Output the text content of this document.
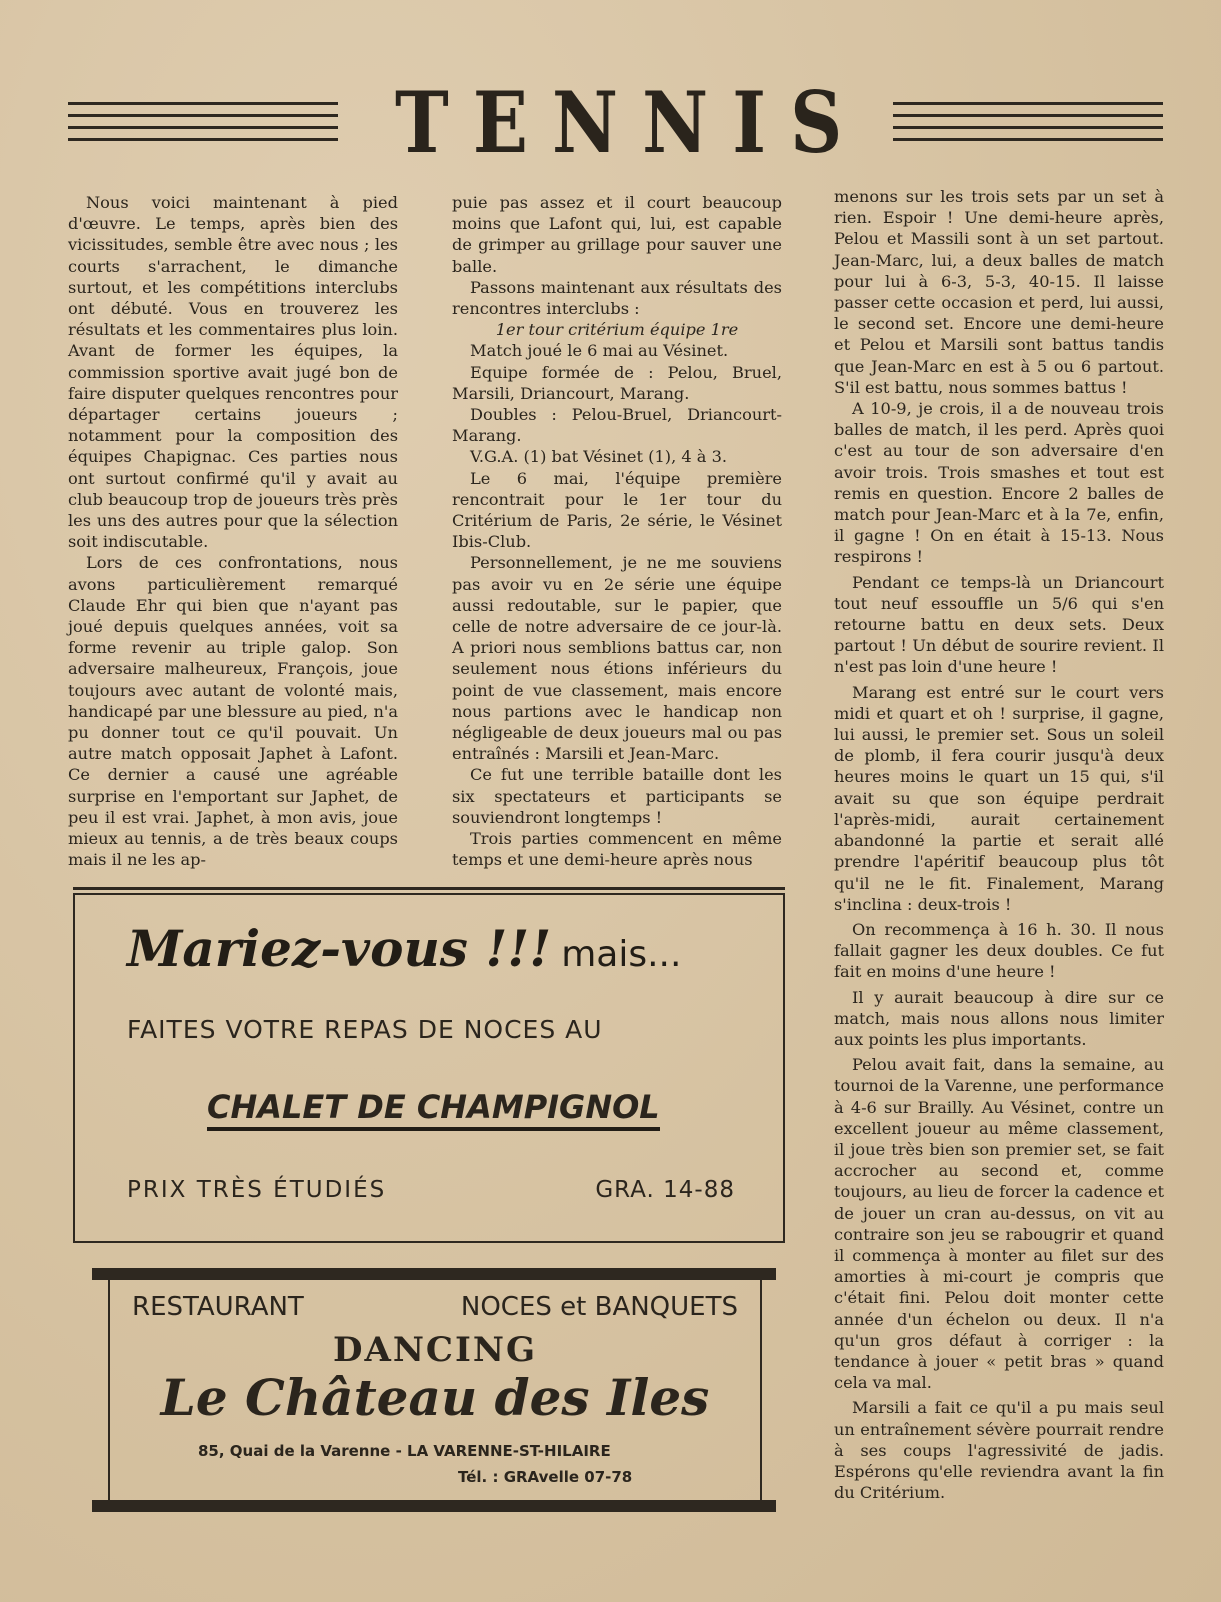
TENNIS

Nous voici maintenant à pied d'œuvre. Le temps, après bien des vicissitudes, semble être avec nous ; les courts s'arrachent, le dimanche surtout, et les compétitions interclubs ont débuté. Vous en trouverez les résultats et les commentaires plus loin. Avant de former les équipes, la commission sportive avait jugé bon de faire disputer quelques rencontres pour départager certains joueurs ; notamment pour la composition des équipes Chapignac. Ces parties nous ont surtout confirmé qu'il y avait au club beaucoup trop de joueurs très près les uns des autres pour que la sélection soit indiscutable.

Lors de ces confrontations, nous avons particulièrement remarqué Claude Ehr qui bien que n'ayant pas joué depuis quelques années, voit sa forme revenir au triple galop. Son adversaire malheureux, François, joue toujours avec autant de volonté mais, handicapé par une blessure au pied, n'a pu donner tout ce qu'il pouvait. Un autre match opposait Japhet à Lafont. Ce dernier a causé une agréable surprise en l'emportant sur Japhet, de peu il est vrai. Japhet, à mon avis, joue mieux au tennis, a de très beaux coups mais il ne les ap-

puie pas assez et il court beaucoup moins que Lafont qui, lui, est capable de grimper au grillage pour sauver une balle.

Passons maintenant aux résultats des rencontres interclubs :

1er tour critérium équipe 1re

Match joué le 6 mai au Vésinet.

Equipe formée de : Pelou, Bruel, Marsili, Driancourt, Marang.

Doubles : Pelou-Bruel, Driancourt-Marang.

V.G.A. (1) bat Vésinet (1), 4 à 3.

Le 6 mai, l'équipe première rencontrait pour le 1er tour du Critérium de Paris, 2e série, le Vésinet Ibis-Club.

Personnellement, je ne me souviens pas avoir vu en 2e série une équipe aussi redoutable, sur le papier, que celle de notre adversaire de ce jour-là. A priori nous semblions battus car, non seulement nous étions inférieurs du point de vue classement, mais encore nous partions avec le handicap non négligeable de deux joueurs mal ou pas entraînés : Marsili et Jean-Marc.

Ce fut une terrible bataille dont les six spectateurs et participants se souviendront longtemps !

Trois parties commencent en même temps et une demi-heure après nous

menons sur les trois sets par un set à rien. Espoir ! Une demi-heure après, Pelou et Massili sont à un set partout. Jean-Marc, lui, a deux balles de match pour lui à 6-3, 5-3, 40-15. Il laisse passer cette occasion et perd, lui aussi, le second set. Encore une demi-heure et Pelou et Marsili sont battus tandis que Jean-Marc en est à 5 ou 6 partout. S'il est battu, nous sommes battus !

A 10-9, je crois, il a de nouveau trois balles de match, il les perd. Après quoi c'est au tour de son adversaire d'en avoir trois. Trois smashes et tout est remis en question. Encore 2 balles de match pour Jean-Marc et à la 7e, enfin, il gagne ! On en était à 15-13. Nous respirons !

Pendant ce temps-là un Driancourt tout neuf essouffle un 5/6 qui s'en retourne battu en deux sets. Deux partout ! Un début de sourire revient. Il n'est pas loin d'une heure !

Marang est entré sur le court vers midi et quart et oh ! surprise, il gagne, lui aussi, le premier set. Sous un soleil de plomb, il fera courir jusqu'à deux heures moins le quart un 15 qui, s'il avait su que son équipe perdrait l'après-midi, aurait certainement abandonné la partie et serait allé prendre l'apéritif beaucoup plus tôt qu'il ne le fit. Finalement, Marang s'inclina : deux-trois !

On recommença à 16 h. 30. Il nous fallait gagner les deux doubles. Ce fut fait en moins d'une heure !

Il y aurait beaucoup à dire sur ce match, mais nous allons nous limiter aux points les plus importants.

Pelou avait fait, dans la semaine, au tournoi de la Varenne, une performance à 4-6 sur Brailly. Au Vésinet, contre un excellent joueur au même classement, il joue très bien son premier set, se fait accrocher au second et, comme toujours, au lieu de forcer la cadence et de jouer un cran au-dessus, on vit au contraire son jeu se rabougrir et quand il commença à monter au filet sur des amorties à mi-court je compris que c'était fini. Pelou doit monter cette année d'un échelon ou deux. Il n'a qu'un gros défaut à corriger : la tendance à jouer « petit bras » quand cela va mal.

Marsili a fait ce qu'il a pu mais seul un entraînement sévère pourrait rendre à ses coups l'agressivité de jadis. Espérons qu'elle reviendra avant la fin du Critérium.

Mariez-vous !!! mais...
FAITES VOTRE REPAS DE NOCES AU
CHALET DE CHAMPIGNOL
PRIX TRÈS ÉTUDIÉS	GRA. 14-88
RESTAURANT	NOCES et BANQUETS
DANCING
Le Château des Iles
85, Quai de la Varenne - LA VARENNE-ST-HILAIRE
Tél. : GRAvelle 07-78
